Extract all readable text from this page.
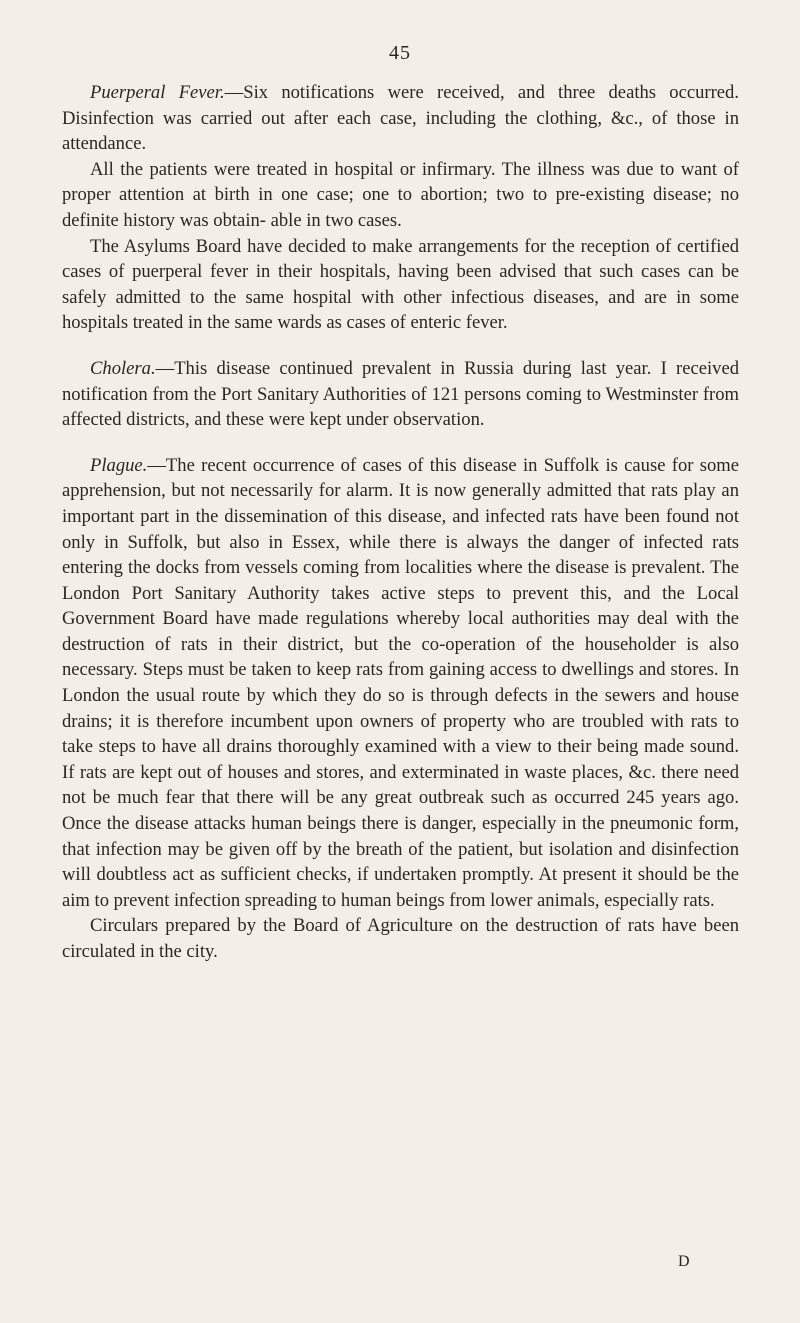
45

Puerperal Fever.—Six notifications were received, and three deaths occurred. Disinfection was carried out after each case, including the clothing, &c., of those in attendance.

All the patients were treated in hospital or infirmary. The illness was due to want of proper attention at birth in one case; one to abortion; two to pre-existing disease; no definite history was obtain- able in two cases.

The Asylums Board have decided to make arrangements for the reception of certified cases of puerperal fever in their hospitals, having been advised that such cases can be safely admitted to the same hospital with other infectious diseases, and are in some hospitals treated in the same wards as cases of enteric fever.

Cholera.—This disease continued prevalent in Russia during last year. I received notification from the Port Sanitary Authorities of 121 persons coming to Westminster from affected districts, and these were kept under observation.

Plague.—The recent occurrence of cases of this disease in Suffolk is cause for some apprehension, but not necessarily for alarm. It is now generally admitted that rats play an important part in the dissemination of this disease, and infected rats have been found not only in Suffolk, but also in Essex, while there is always the danger of infected rats entering the docks from vessels coming from localities where the disease is prevalent. The London Port Sanitary Authority takes active steps to prevent this, and the Local Government Board have made regulations whereby local authorities may deal with the destruction of rats in their district, but the co-operation of the householder is also necessary. Steps must be taken to keep rats from gaining access to dwellings and stores. In London the usual route by which they do so is through defects in the sewers and house drains; it is therefore incumbent upon owners of property who are troubled with rats to take steps to have all drains thoroughly examined with a view to their being made sound. If rats are kept out of houses and stores, and exterminated in waste places, &c. there need not be much fear that there will be any great outbreak such as occurred 245 years ago. Once the disease attacks human beings there is danger, especially in the pneumonic form, that infection may be given off by the breath of the patient, but isolation and disinfection will doubtless act as sufficient checks, if undertaken promptly. At present it should be the aim to prevent infection spreading to human beings from lower animals, especially rats.

Circulars prepared by the Board of Agriculture on the destruction of rats have been circulated in the city.

D
